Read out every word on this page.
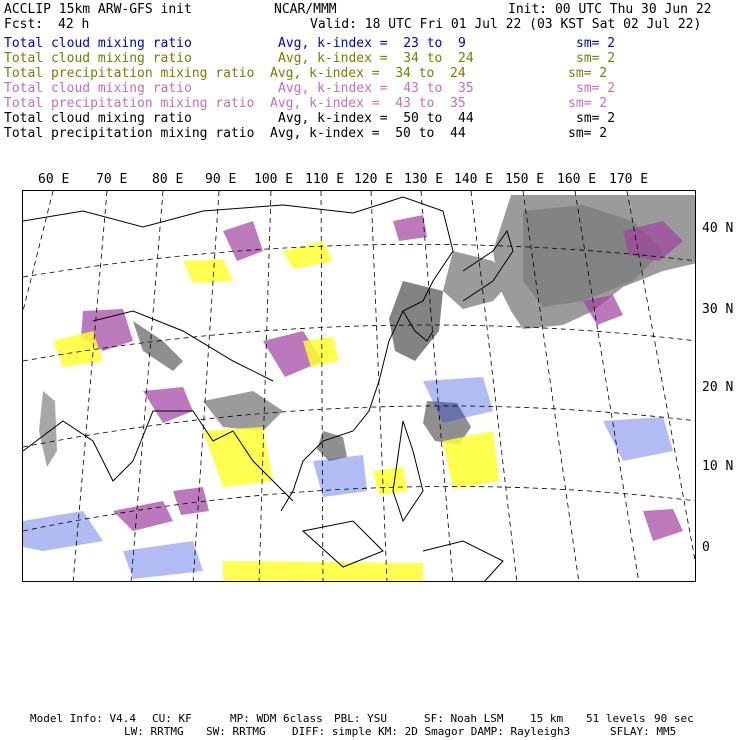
ACCLIP 15km ARW-GFS init	NCAR/MMM	Init: 00 UTC Thu 30 Jun 22
Fcst: 42 h	Valid: 18 UTC Fri 01 Jul 22 (03 KST Sat 02 Jul 22)
Total cloud mixing ratio	Avg, k-index =  23 to  9	sm= 2
Total cloud mixing ratio	Avg, k-index =  34 to  24	sm= 2
Total precipitation mixing ratio Avg, k-index =  34 to  24	sm= 2
Total cloud mixing ratio	Avg, k-index =  43 to  35	sm= 2
Total precipitation mixing ratio Avg, k-index =  43 to  35	sm= 2
Total cloud mixing ratio	Avg, k-index =  50 to  44	sm= 2
Total precipitation mixing ratio Avg, k-index =  50 to  44	sm= 2
60 E 70 E 80 E 90 E 100 E 110 E 120 E 130 E 140 E 150 E 160 E 170 E
40 N
30 N
20 N
10 N
0
Model Info: V4.4 CU: KF	MP: WDM 6class PBL: YSU	SF: Noah LSM 15 km 51 levels 90 sec
LW: RRTMG SW: RRTMG DIFF: simple KM: 2D Smagor DAMP: Rayleigh3	SFLAY: MM5
